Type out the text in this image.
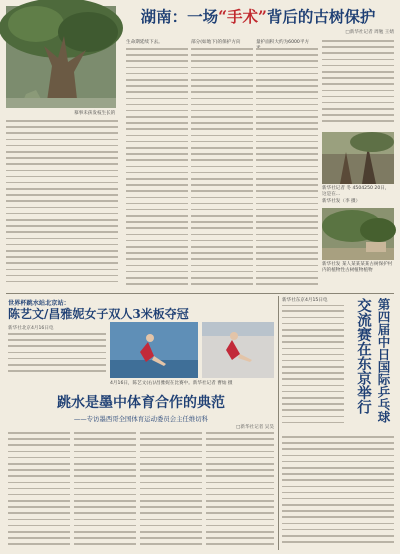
湖南：一场“手术”背后的古树保护
□新华社记者 周勉 王婧
慕事未孩发枝生长的
生命期延续下去。	部分(如地下)的保护方向	量护面积大约为6000平方
新华社记者 冬 4504250 20日，这是在...
新华社发（李 摄）
新华社发 某人某某某某古树保护村内的植物性古树植物植物
世界杯跳水站北京站：
陈艺文/昌雅妮女子双人3米板夺冠
新华社北京4月16日电
4月16日，陈艺文(右)/昌雅妮在比赛中。新华社记者 曹灿 摄
跳水是墨中体育合作的典范
——专访墨西哥全国体育运动委员会主任维切科
□新华社记者 吴昊
新华社东京4月15日电	第四届中日国际乒乓球
交流赛在东京举行
